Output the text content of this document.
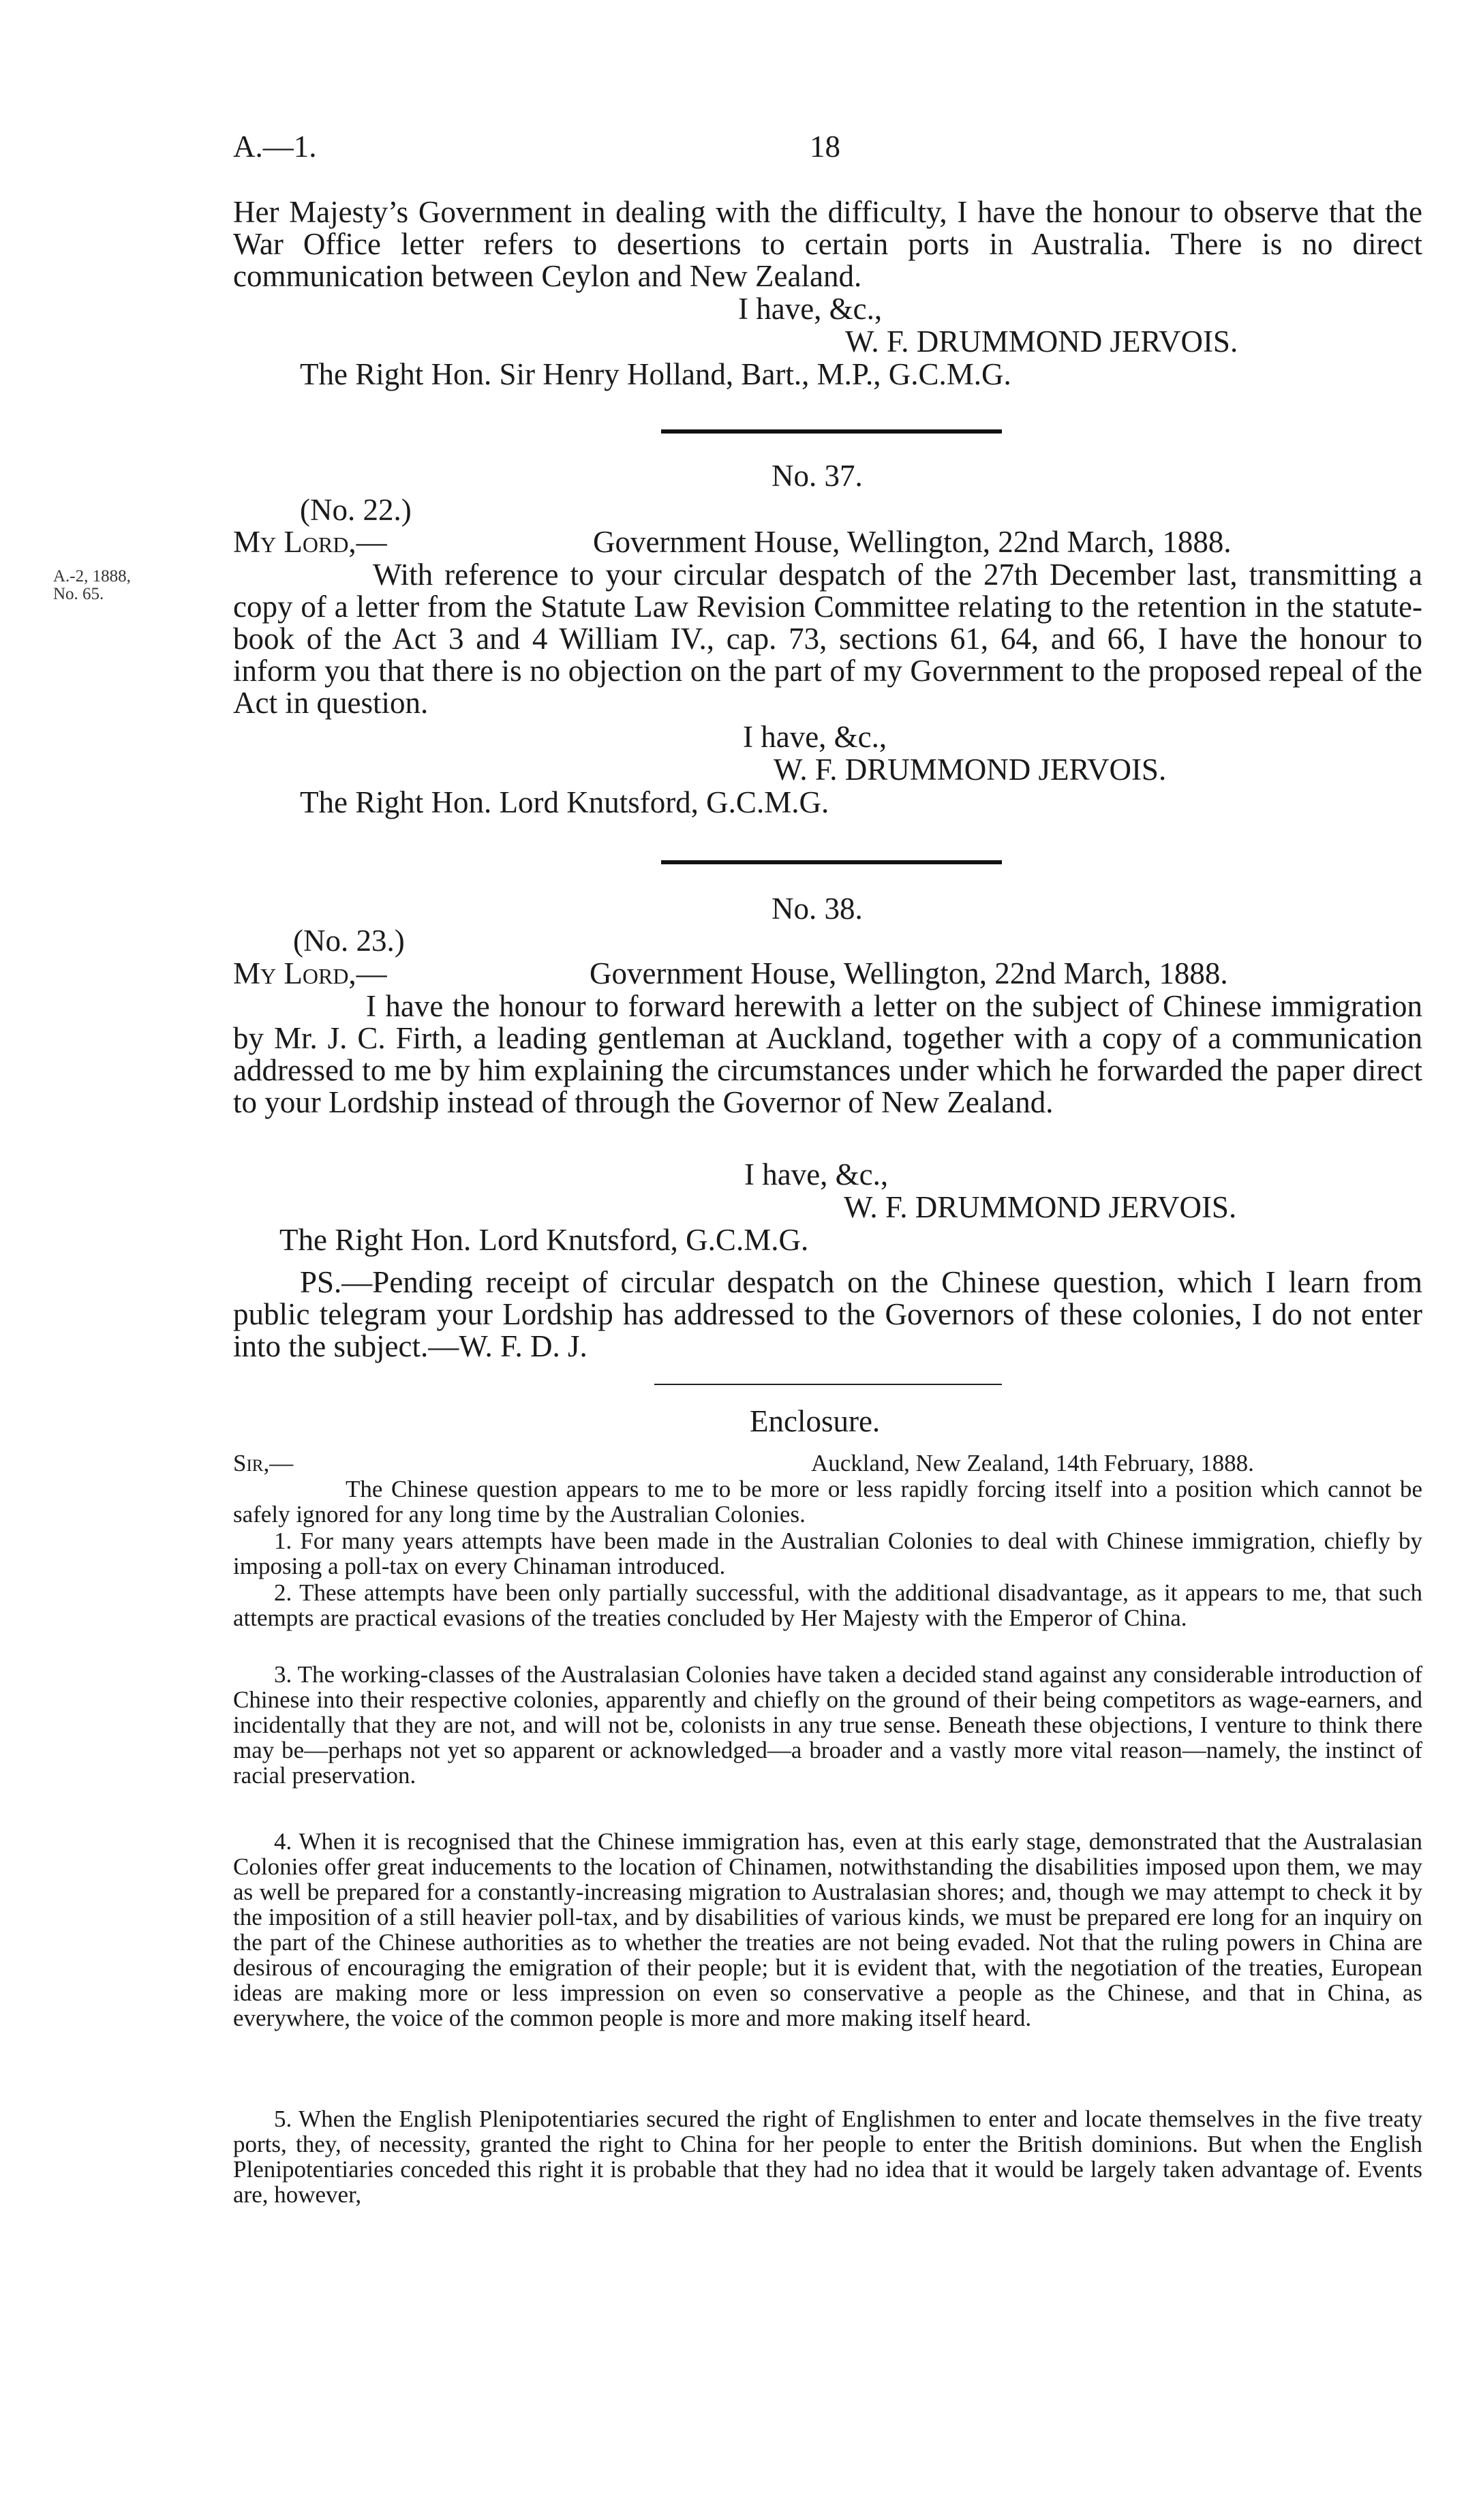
A.—1.	18

Her Majesty’s Government in dealing with the difficulty, I have the honour to observe that the War Office letter refers to desertions to certain ports in Australia. There is no direct communication between Ceylon and New Zealand.

I have, &c.,
W. F. DRUMMOND JERVOIS.
The Right Hon. Sir Henry Holland, Bart., M.P., G.C.M.G.
No. 37.
(No. 22.)
My Lord,—	Government House, Wellington, 22nd March, 1888.
A.-2, 1888,
No. 65.

With reference to your circular despatch of the 27th December last, transmitting a copy of a letter from the Statute Law Revision Committee relating to the retention in the statute-book of the Act 3 and 4 William IV., cap. 73, sections 61, 64, and 66, I have the honour to inform you that there is no objection on the part of my Government to the proposed repeal of the Act in question.

I have, &c.,
W. F. DRUMMOND JERVOIS.
The Right Hon. Lord Knutsford, G.C.M.G.
No. 38.
(No. 23.)
My Lord,—	Government House, Wellington, 22nd March, 1888.

I have the honour to forward herewith a letter on the subject of Chinese immigration by Mr. J. C. Firth, a leading gentleman at Auckland, together with a copy of a communication addressed to me by him explaining the circumstances under which he forwarded the paper direct to your Lordship instead of through the Governor of New Zealand.

I have, &c.,
W. F. DRUMMOND JERVOIS.
The Right Hon. Lord Knutsford, G.C.M.G.

PS.—Pending receipt of circular despatch on the Chinese question, which I learn from public telegram your Lordship has addressed to the Governors of these colonies, I do not enter into the subject.—W. F. D. J.

Enclosure.
Sir,—	Auckland, New Zealand, 14th February, 1888.

The Chinese question appears to me to be more or less rapidly forcing itself into a position which cannot be safely ignored for any long time by the Australian Colonies.

1. For many years attempts have been made in the Australian Colonies to deal with Chinese immigration, chiefly by imposing a poll-tax on every Chinaman introduced.

2. These attempts have been only partially successful, with the additional disadvantage, as it appears to me, that such attempts are practical evasions of the treaties concluded by Her Majesty with the Emperor of China.

3. The working-classes of the Australasian Colonies have taken a decided stand against any considerable introduction of Chinese into their respective colonies, apparently and chiefly on the ground of their being competitors as wage-earners, and incidentally that they are not, and will not be, colonists in any true sense. Beneath these objections, I venture to think there may be—perhaps not yet so apparent or acknowledged—a broader and a vastly more vital reason—namely, the instinct of racial preservation.

4. When it is recognised that the Chinese immigration has, even at this early stage, demonstrated that the Australasian Colonies offer great inducements to the location of Chinamen, notwithstanding the disabilities imposed upon them, we may as well be prepared for a constantly-increasing migration to Australasian shores; and, though we may attempt to check it by the imposition of a still heavier poll-tax, and by disabilities of various kinds, we must be prepared ere long for an inquiry on the part of the Chinese authorities as to whether the treaties are not being evaded. Not that the ruling powers in China are desirous of encouraging the emigration of their people; but it is evident that, with the negotiation of the treaties, European ideas are making more or less impression on even so conservative a people as the Chinese, and that in China, as everywhere, the voice of the common people is more and more making itself heard.

5. When the English Plenipotentiaries secured the right of Englishmen to enter and locate themselves in the five treaty ports, they, of necessity, granted the right to China for her people to enter the British dominions. But when the English Plenipotentiaries conceded this right it is probable that they had no idea that it would be largely taken advantage of. Events are, however,
